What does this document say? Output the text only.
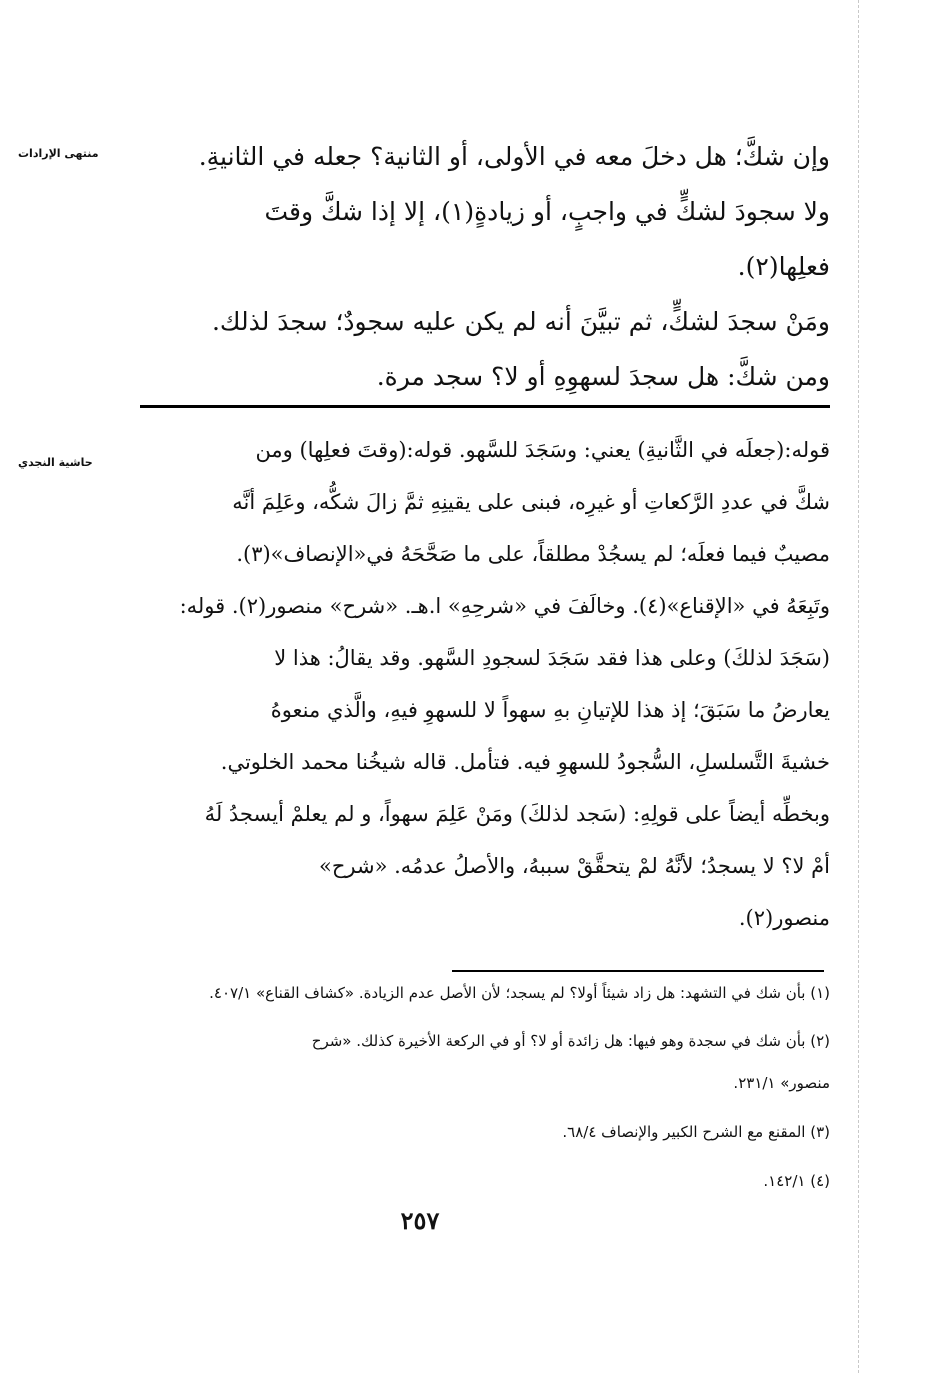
منتهى الإرادات
حاشية النجدي
وإن شكَّ؛ هل دخلَ معه في الأولى، أو الثانية؟ جعله في الثانيةِ.
ولا سجودَ لشكٍّ في واجبٍ، أو زيادةٍ(١)، إلا إذا شكَّ وقتَ
فعلِها(٢).
ومَنْ سجدَ لشكٍّ، ثم تبيَّنَ أنه لم يكن عليه سجودٌ؛ سجدَ لذلك.
ومن شكَّ: هل سجدَ لسهوِهِ أو لا؟ سجد مرة.
قوله:(جعلَه في الثَّانيةِ) يعني: وسَجَدَ للسَّهو. قوله:(وقتَ فعلِها) ومن
شكَّ في عددِ الرَّكعاتِ أو غيرِه، فبنى على يقينِهِ ثمَّ زالَ شكُّه، وعَلِمَ أنَّه
مصيبٌ فيما فعلَه؛ لم يسجُدْ مطلقاً، على ما صَحَّحَهُ في«الإنصاف»(٣).
وتَبِعَهُ في «الإقناع»(٤). وخالَفَ في «شرحِهِ» ا.هـ. «شرح» منصور(٢). قوله:
(سَجَدَ لذلكَ) وعلى هذا فقد سَجَدَ لسجودِ السَّهو. وقد يقالُ: هذا لا
يعارضُ ما سَبَقَ؛ إذ هذا للإتيانِ بهِ سهواً لا للسهوِ فيهِ، والَّذي منعوهُ
خشيةَ التَّسلسلِ، السُّجودُ للسهوِ فيه. فتأمل. قاله شيخُنا محمد الخلوتي.
وبخطِّه أيضاً على قولِهِ: (سَجد لذلكَ) ومَنْ عَلِمَ سهواً، و لم يعلمْ أيسجدُ لَهُ
أمْ لا؟ لا يسجدُ؛ لأنَّهُ لمْ يتحقَّقْ سببهُ، والأصلُ عدمُه. «شرح»
منصور(٢).
(١) بأن شك في التشهد: هل زاد شيئاً أولا؟ لم يسجد؛ لأن الأصل عدم الزيادة. «كشاف القناع» ٤٠٧/١.
(٢) بأن شك في سجدة وهو فيها: هل زائدة أو لا؟ أو في الركعة الأخيرة كذلك. «شرح
منصور» ٢٣١/١.
(٣) المقنع مع الشرح الكبير والإنصاف ٦٨/٤.
(٤) ١٤٢/١.
٢٥٧
